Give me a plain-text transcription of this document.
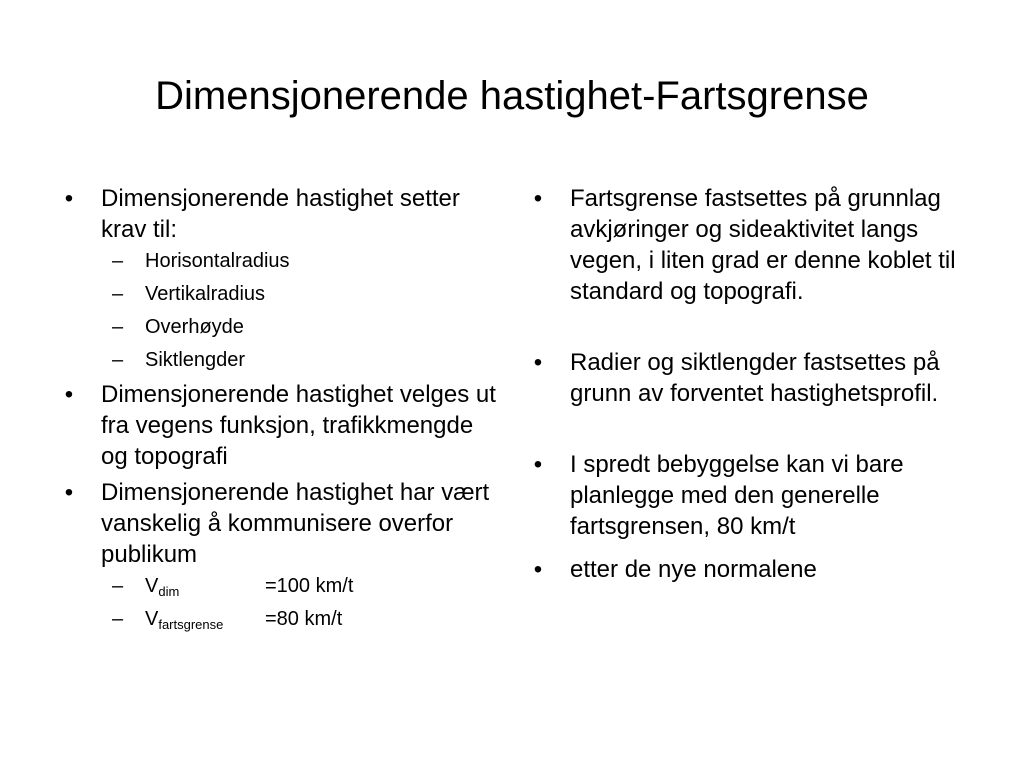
Dimensjonerende hastighet-Fartsgrense
• Dimensjonerende hastighet setter krav til:
– Horisontalradius
– Vertikalradius
– Overhøyde
– Siktlengder
• Dimensjonerende hastighet velges ut fra vegens funksjon, trafikkmengde og topografi
• Dimensjonerende hastighet har vært vanskelig å kommunisere overfor publikum
– $V_{dim}$	=100 km/t
– $V_{fartsgrense} =80$ km/t
• Fartsgrense fastsettes på grunnlag avkjøringer og sideaktivitet langs vegen, i liten grad er denne koblet til standard og topografi.
• Radier og siktlengder fastsettes på grunn av forventet hastighetsprofil.
• I spredt bebyggelse kan vi bare planlegge med den generelle fartsgrensen, 80 km/t
• etter de nye normalene
